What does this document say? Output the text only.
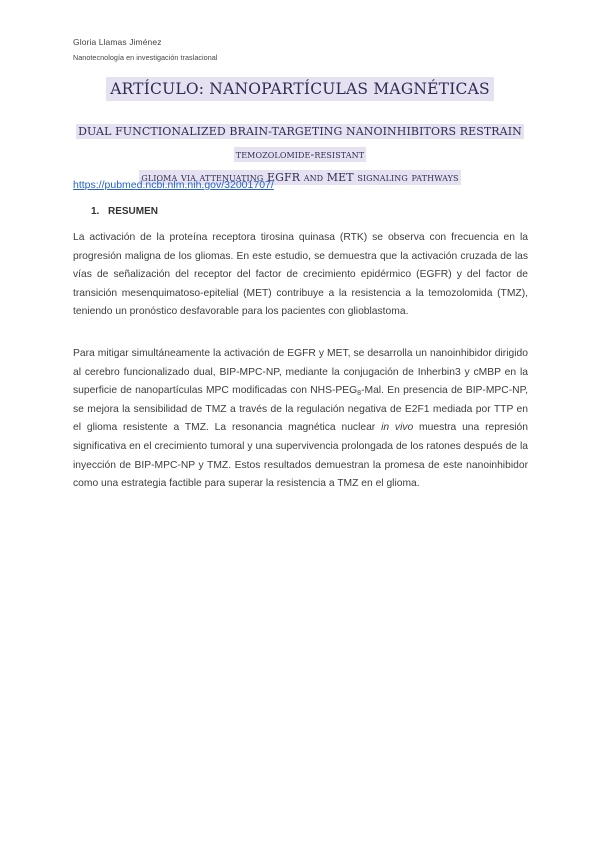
Gloria Llamas Jiménez
Nanotecnología en investigación traslacional
ARTÍCULO: NANOPARTÍCULAS MAGNÉTICAS
DUAL FUNCTIONALIZED BRAIN-TARGETING NANOINHIBITORS RESTRAIN temozolomide-resistant
glioma via attenuating EGFR and MET signaling pathways
https://pubmed.ncbi.nlm.nih.gov/32001707/
1. RESUMEN
La activación de la proteína receptora tirosina quinasa (RTK) se observa con frecuencia en la progresión maligna de los gliomas. En este estudio, se demuestra que la activación cruzada de las vías de señalización del receptor del factor de crecimiento epidérmico (EGFR) y del factor de transición mesenquimatoso-epitelial (MET) contribuye a la resistencia a la temozolomida (TMZ), teniendo un pronóstico desfavorable para los pacientes con glioblastoma.
Para mitigar simultáneamente la activación de EGFR y MET, se desarrolla un nanoinhibidor dirigido al cerebro funcionalizado dual, BIP-MPC-NP, mediante la conjugación de Inherbin3 y cMBP en la superficie de nanopartículas MPC modificadas con NHS-$PEG_8$-Mal. En presencia de BIP-MPC-NP, se mejora la sensibilidad de TMZ a través de la regulación negativa de E2F1 mediada por TTP en el glioma resistente a TMZ. La resonancia magnética nuclear in vivo muestra una represión significativa en el crecimiento tumoral y una supervivencia prolongada de los ratones después de la inyección de BIP-MPC-NP y TMZ. Estos resultados demuestran la promesa de este nanoinhibidor como una estrategia factible para superar la resistencia a TMZ en el glioma.
